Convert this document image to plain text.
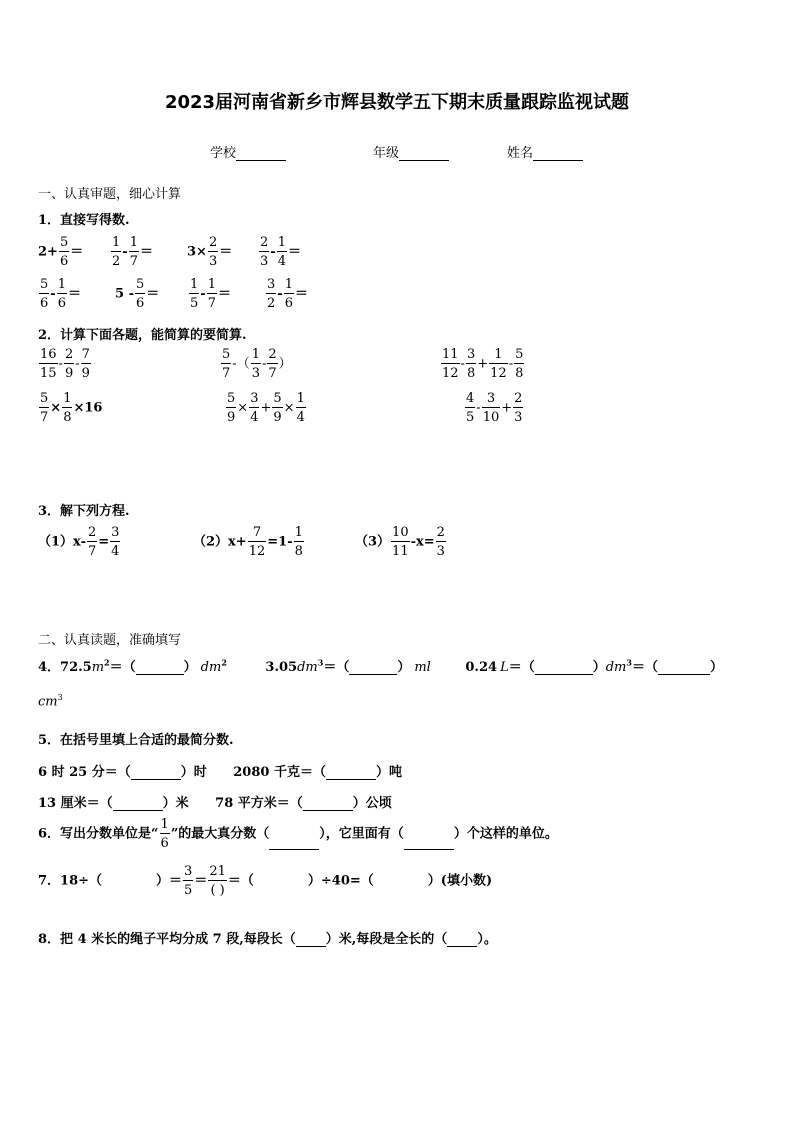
2023届河南省新乡市辉县数学五下期末质量跟踪监视试题
学校	年级	姓名
一、认真审题，细心计算
1．直接写得数.
$2+ \frac{5}{6} = \frac{1}{2} - \frac{1}{7}$ ＝	$3\times \frac{2}{3} = \frac{2}{3} - \frac{1}{4}$ ＝
$\frac{5}{6} - \frac{1}{6}$ ＝	$5 - \frac{5}{6} = \frac{1}{5} - \frac{1}{7}$ ＝	$\frac{3}{2} - \frac{1}{6}$ ＝
2．计算下面各题，能简算的要简算.
$\frac{16}{15} - \frac{2}{9} - \frac{7}{9}$	$\frac{5}{7}$ -（ $\frac{1}{3} - \frac{2}{7}$ ）	$\frac{11}{12} - \frac{3}{8} + \frac{1}{12} - \frac{5}{8}$
$\frac{5}{7} \times \frac{1}{8} \times 16$	$\frac{5}{9} \times \frac{3}{4} + \frac{5}{9} \times \frac{1}{4}$	$\frac{4}{5} - \frac{3}{10} + \frac{2}{3}$
3．解下列方程.
$(1)x- \frac{2}{7} = \frac{3}{4}$	$(2)x+ \frac{7}{12} =1- \frac{1}{8}$	$(3) \frac{10}{11} -x= \frac{2}{3}$
二、认真读题，准确填写
4．$72.5m^2=$（	） $dm^2$	$3.05dm^3=$（	） ml	0.24 L＝（	）$dm^3=$（	）
$cm^3$
5．在括号里填上合适的最简分数.
6 时 25 分＝（	）时 2080 千克＝（	）吨
13 厘米＝（	）米 78 平方米＝（	）公顷
6．写出分数单位是“ $\frac{1}{6}$ ”的最大真分数（	），它里面有（	）个这样的单位。
7．18÷（	）＝ $\frac{3}{5} = \frac{21}{( )}$ ＝（	）÷40=（	）(填小数)
8．把 4 米长的绳子平均分成 7 段,每段长（ ）米,每段是全长的（ ）。
